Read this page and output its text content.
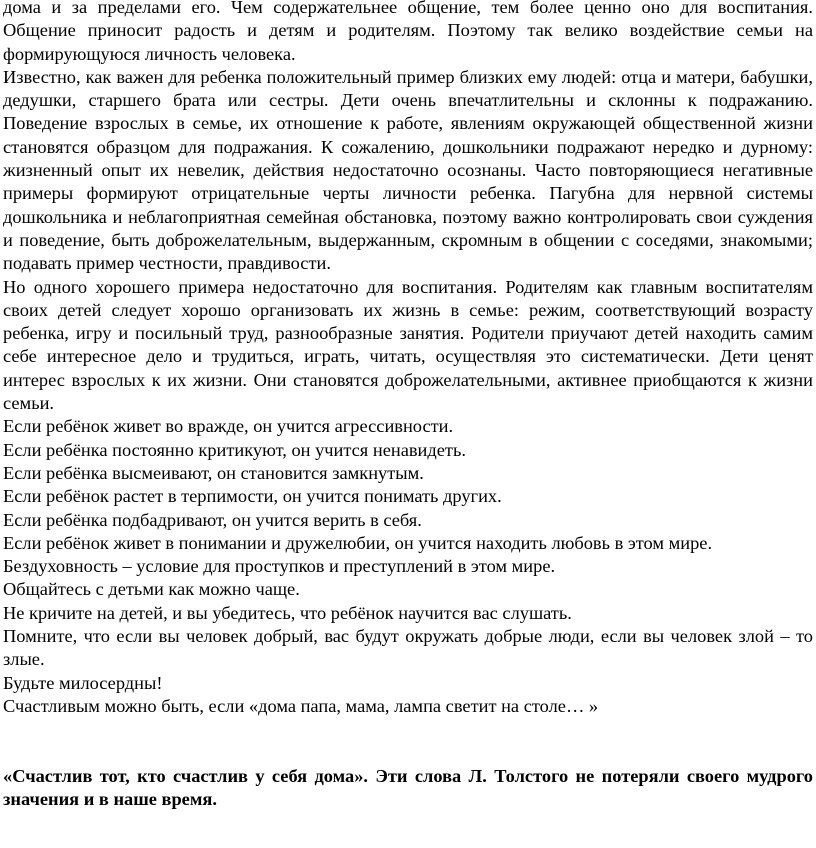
дома и за пределами его. Чем содержательнее общение, тем более ценно оно для воспитания. Общение приносит радость и детям и родителям. Поэтому так велико воздействие семьи на формирующуюся личность человека.

Известно, как важен для ребенка положительный пример близких ему людей: отца и матери, бабушки, дедушки, старшего брата или сестры. Дети очень впечатлительны и склонны к подражанию. Поведение взрослых в семье, их отношение к работе, явлениям окружающей общественной жизни становятся образцом для подражания. К сожалению, дошкольники подражают нередко и дурному: жизненный опыт их невелик, действия недостаточно осознаны. Часто повторяющиеся негативные примеры формируют отрицательные черты личности ребенка. Пагубна для нервной системы дошкольника и неблагоприятная семейная обстановка, поэтому важно контролировать свои суждения и поведение, быть доброжелательным, выдержанным, скромным в общении с соседями, знакомыми; подавать пример честности, правдивости.

Но одного хорошего примера недостаточно для воспитания. Родителям как главным воспитателям своих детей следует хорошо организовать их жизнь в семье: режим, соответствующий возрасту ребенка, игру и посильный труд, разнообразные занятия. Родители приучают детей находить самим себе интересное дело и трудиться, играть, читать, осуществляя это систематически. Дети ценят интерес взрослых к их жизни. Они становятся доброжелательными, активнее приобщаются к жизни семьи.

Если ребёнок живет во вражде, он учится агрессивности.

Если ребёнка постоянно критикуют, он учится ненавидеть.

Если ребёнка высмеивают, он становится замкнутым.

Если ребёнок растет в терпимости, он учится понимать других.

Если ребёнка подбадривают, он учится верить в себя.

Если ребёнок живет в понимании и дружелюбии, он учится находить любовь в этом мире.

Бездуховность – условие для проступков и преступлений в этом мире.

Общайтесь с детьми как можно чаще.

Не кричите на детей, и вы убедитесь, что ребёнок научится вас слушать.

Помните, что если вы человек добрый, вас будут окружать добрые люди, если вы человек злой – то злые.

Будьте милосердны!

Счастливым можно быть, если «дома папа, мама, лампа светит на столе… »

«Счастлив тот, кто счастлив у себя дома». Эти слова Л. Толстого не потеряли своего мудрого значения и в наше время.
